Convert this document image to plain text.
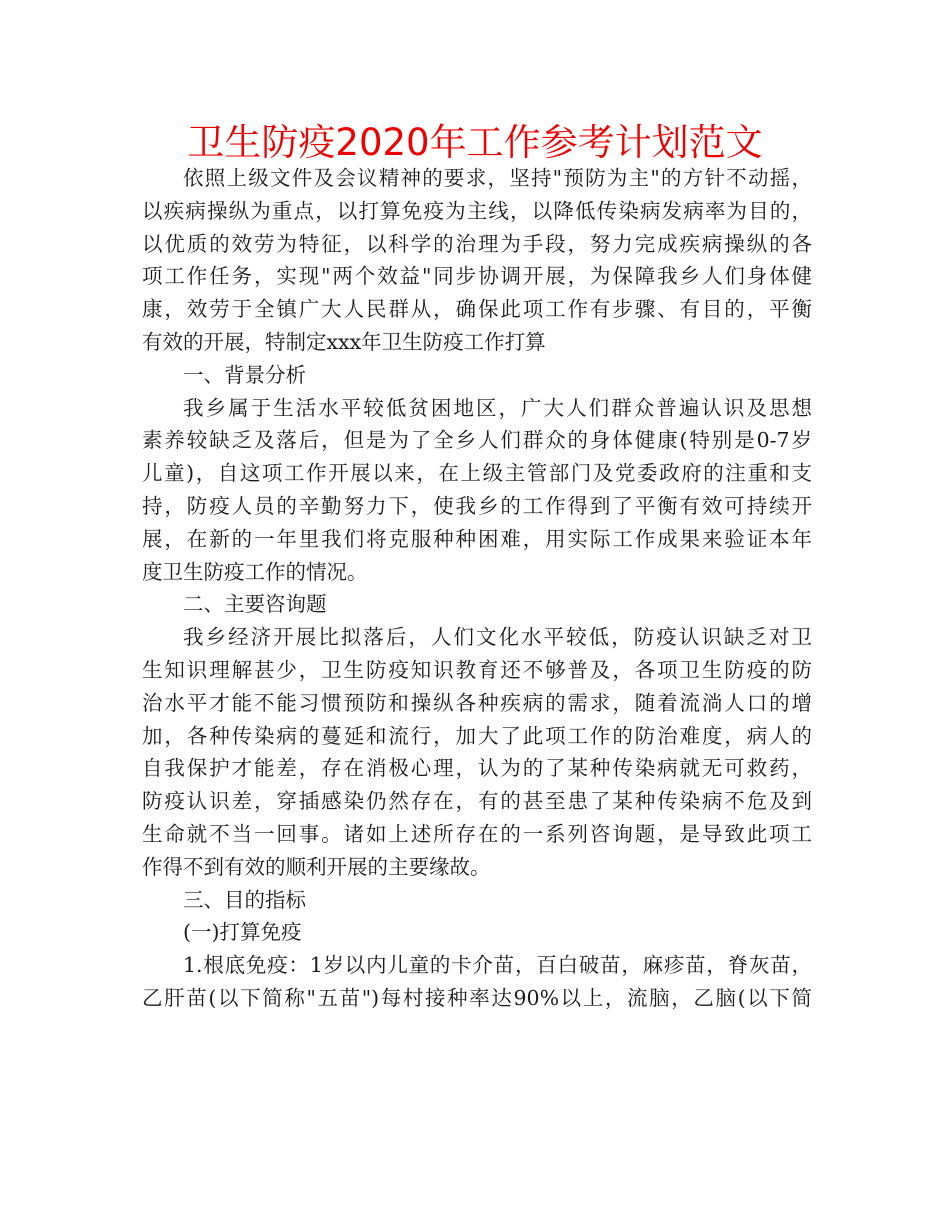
卫生防疫2020年工作参考计划范文

依照上级文件及会议精神的要求，坚持"预防为主"的方针不动摇，
以疾病操纵为重点，以打算免疫为主线，以降低传染病发病率为目的，
以优质的效劳为特征，以科学的治理为手段，努力完成疾病操纵的各
项工作任务，实现"两个效益"同步协调开展，为保障我乡人们身体健
康，效劳于全镇广大人民群从，确保此项工作有步骤、有目的，平衡
有效的开展，特制定xxx年卫生防疫工作打算

一、背景分析

我乡属于生活水平较低贫困地区，广大人们群众普遍认识及思想
素养较缺乏及落后，但是为了全乡人们群众的身体健康(特别是0-7岁
儿童)，自这项工作开展以来，在上级主管部门及党委政府的注重和支
持，防疫人员的辛勤努力下，使我乡的工作得到了平衡有效可持续开
展，在新的一年里我们将克服种种困难，用实际工作成果来验证本年
度卫生防疫工作的情况。

二、主要咨询题

我乡经济开展比拟落后，人们文化水平较低，防疫认识缺乏对卫
生知识理解甚少，卫生防疫知识教育还不够普及，各项卫生防疫的防
治水平才能不能习惯预防和操纵各种疾病的需求，随着流淌人口的增
加，各种传染病的蔓延和流行，加大了此项工作的防治难度，病人的
自我保护才能差，存在消极心理，认为的了某种传染病就无可救药，
防疫认识差，穿插感染仍然存在，有的甚至患了某种传染病不危及到
生命就不当一回事。诸如上述所存在的一系列咨询题，是导致此项工
作得不到有效的顺利开展的主要缘故。

三、目的指标

(一)打算免疫

1.根底免疫：1岁以内儿童的卡介苗，百白破苗，麻疹苗，脊灰苗，
乙肝苗(以下简称"五苗")每村接种率达90%以上，流脑，乙脑(以下简
